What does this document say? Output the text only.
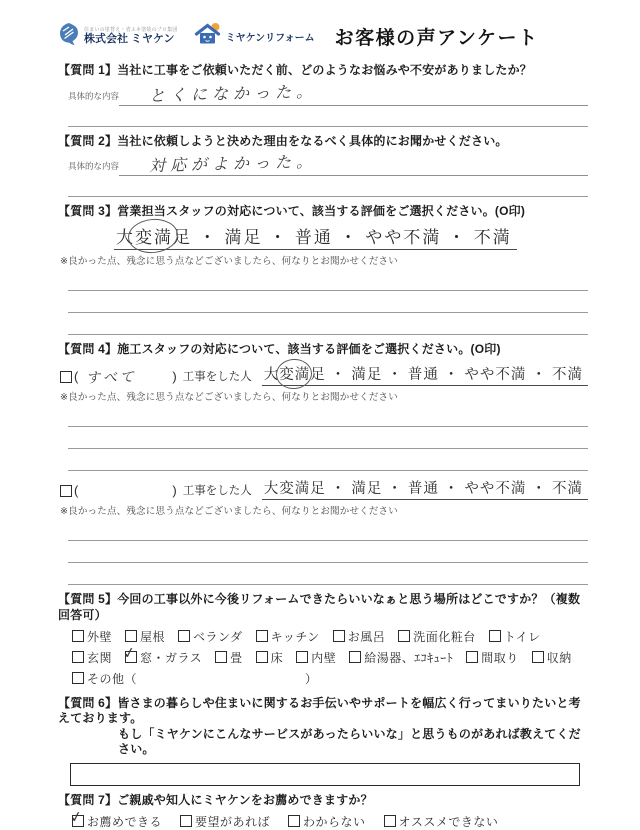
住まいの塗替え・省エネ塗装のプロ集団
株式会社 ミヤケン	ミヤケンリフォーム お客様の声アンケート
【質問 1】当社に工事をご依頼いただく前、どのようなお悩みや不安がありましたか？
具体的な内容 とくになかった。
【質問 2】当社に依頼しようと決めた理由をなるべく具体的にお聞かせください。
具体的な内容 対応がよかった。
【質問 3】営業担当スタッフの対応について、該当する評価をご選択ください。(O印)
大変満足 ・ 満足 ・ 普通 ・ やや不満 ・ 不満
※良かった点、残念に思う点などございましたら、何なりとお聞かせください
【質問 4】施工スタッフの対応について、該当する評価をご選択ください。(O印)
( すべて	) 工事をした人 大変満足 ・ 満足 ・ 普通 ・ やや不満 ・ 不満
※良かった点、残念に思う点などございましたら、何なりとお聞かせください
(	) 工事をした人 大変満足 ・ 満足 ・ 普通 ・ やや不満 ・ 不満
※良かった点、残念に思う点などございましたら、何なりとお聞かせください
【質問 5】今回の工事以外に今後リフォームできたらいいなぁと思う場所はどこですか？（複数回答可）
外壁 屋根 ベランダ キッチン お風呂 洗面化粧台 トイレ
玄関 ✓ 窓・ガラス 畳 床 内壁 給湯器、ｴｺｷｭｰﾄ 間取り 収納
その他 （	）
【質問 6】皆さまの暮らしや住まいに関するお手伝いやサポートを幅広く行ってまいりたいと考えております。
もし「ミヤケンにこんなサービスがあったらいいな」と思うものがあれば教えてください。
【質問 7】ご親戚や知人にミヤケンをお薦めできますか？
✓
お薦めできる	要望があれば	わからない	オススメできない
